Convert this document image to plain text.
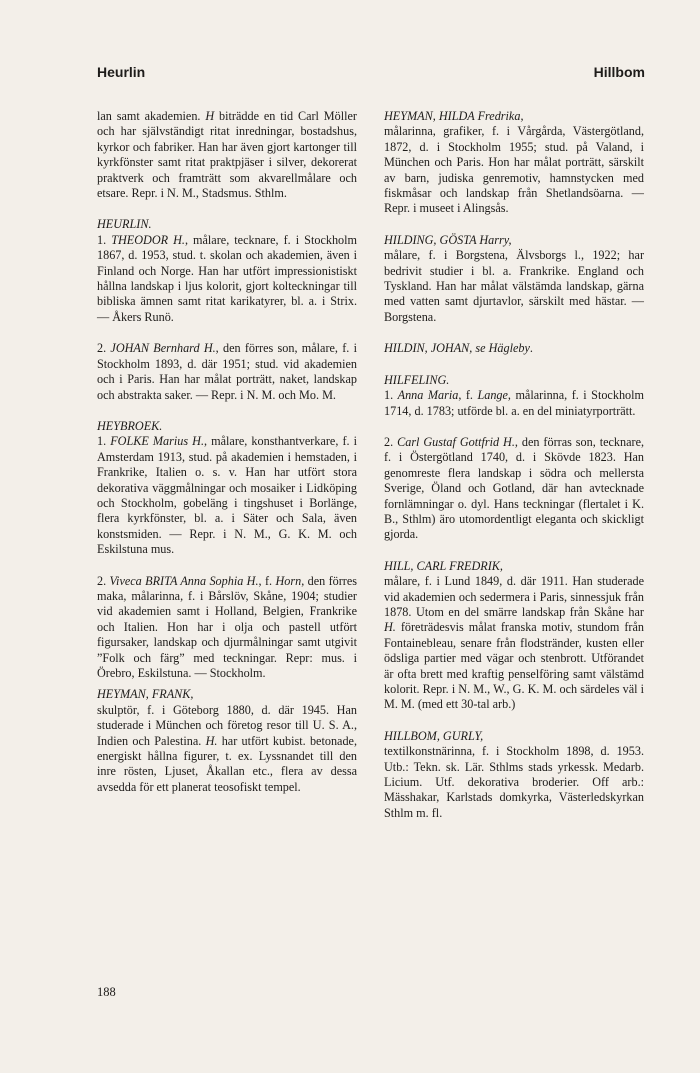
Heurlin	Hillbom

lan samt akademien. H biträdde en tid Carl Möller och har självständigt ritat inredningar, bostadshus, kyrkor och fabriker. Han har även gjort kartonger till kyrkfönster samt ritat praktpjäser i silver, dekorerat praktverk och framträtt som akvarellmålare och etsare. Repr. i N. M., Stadsmus. Sthlm.

HEURLIN.

1. THEODOR H., målare, tecknare, f. i Stockholm 1867, d. 1953, stud. t. skolan och akademien, även i Finland och Norge. Han har utfört impressionistiskt hållna landskap i ljus kolorit, gjort kolteckningar till bibliska ämnen samt ritat karikatyrer, bl. a. i Strix. — Åkers Runö.

2. JOHAN Bernhard H., den förres son, målare, f. i Stockholm 1893, d. där 1951; stud. vid akademien och i Paris. Han har målat porträtt, naket, landskap och abstrakta saker. — Repr. i N. M. och Mo. M.

HEYBROEK.

1. FOLKE Marius H., målare, konsthantverkare, f. i Amsterdam 1913, stud. på akademien i hemstaden, i Frankrike, Italien o. s. v. Han har utfört stora dekorativa väggmålningar och mosaiker i Lidköping och Stockholm, gobeläng i tingshuset i Borlänge, flera kyrkfönster, bl. a. i Säter och Sala, även konstsmiden. — Repr. i N. M., G. K. M. och Eskilstuna mus.

2. Viveca BRITA Anna Sophia H., f. Horn, den förres maka, målarinna, f. i Bårslöv, Skåne, 1904; studier vid akademien samt i Holland, Belgien, Frankrike och Italien. Hon har i olja och pastell utfört figursaker, landskap och djurmålningar samt utgivit ”Folk och färg” med teckningar. Repr: mus. i Örebro, Eskilstuna. — Stockholm.

HEYMAN, FRANK,

skulptör, f. i Göteborg 1880, d. där 1945. Han studerade i München och företog resor till U. S. A., Indien och Palestina. H. har utfört kubist. betonade, energiskt hållna figurer, t. ex. Lyssnandet till den inre rösten, Ljuset, Åkallan etc., flera av dessa avsedda för ett planerat teosofiskt tempel.

HEYMAN, HILDA Fredrika,

målarinna, grafiker, f. i Vårgårda, Västergötland, 1872, d. i Stockholm 1955; stud. på Valand, i München och Paris. Hon har målat porträtt, särskilt av barn, judiska genremotiv, hamnstycken med fiskmåsar och landskap från Shetlandsöarna. — Repr. i museet i Alingsås.

HILDING, GÖSTA Harry,

målare, f. i Borgstena, Älvsborgs l., 1922; har bedrivit studier i bl. a. Frankrike. England och Tyskland. Han har målat välstämda landskap, gärna med vatten samt djurtavlor, särskilt med hästar. — Borgstena.

HILDIN, JOHAN, se Hägleby.

HILFELING.

1. Anna Maria, f. Lange, målarinna, f. i Stockholm 1714, d. 1783; utförde bl. a. en del miniatyrporträtt.

2. Carl Gustaf Gottfrid H., den förras son, tecknare, f. i Östergötland 1740, d. i Skövde 1823. Han genomreste flera landskap i södra och mellersta Sverige, Öland och Gotland, där han avtecknade fornlämningar o. dyl. Hans teckningar (flertalet i K. B., Sthlm) äro utomordentligt eleganta och skickligt gjorda.

HILL, CARL FREDRIK,

målare, f. i Lund 1849, d. där 1911. Han studerade vid akademien och sedermera i Paris, sinnessjuk från 1878. Utom en del smärre landskap från Skåne har H. företrädesvis målat franska motiv, stundom från Fontainebleau, senare från flodstränder, kusten eller ödsliga partier med vägar och stenbrott. Utförandet är ofta brett med kraftig penselföring samt välstämd kolorit. Repr. i N. M., W., G. K. M. och särdeles väl i M. M. (med ett 30-tal arb.)

HILLBOM, GURLY,

textilkonstnärinna, f. i Stockholm 1898, d. 1953. Utb.: Tekn. sk. Lär. Sthlms stads yrkessk. Medarb. Licium. Utf. dekorativa broderier. Off arb.: Mässhakar, Karlstads domkyrka, Västerledskyrkan Sthlm m. fl.

188
